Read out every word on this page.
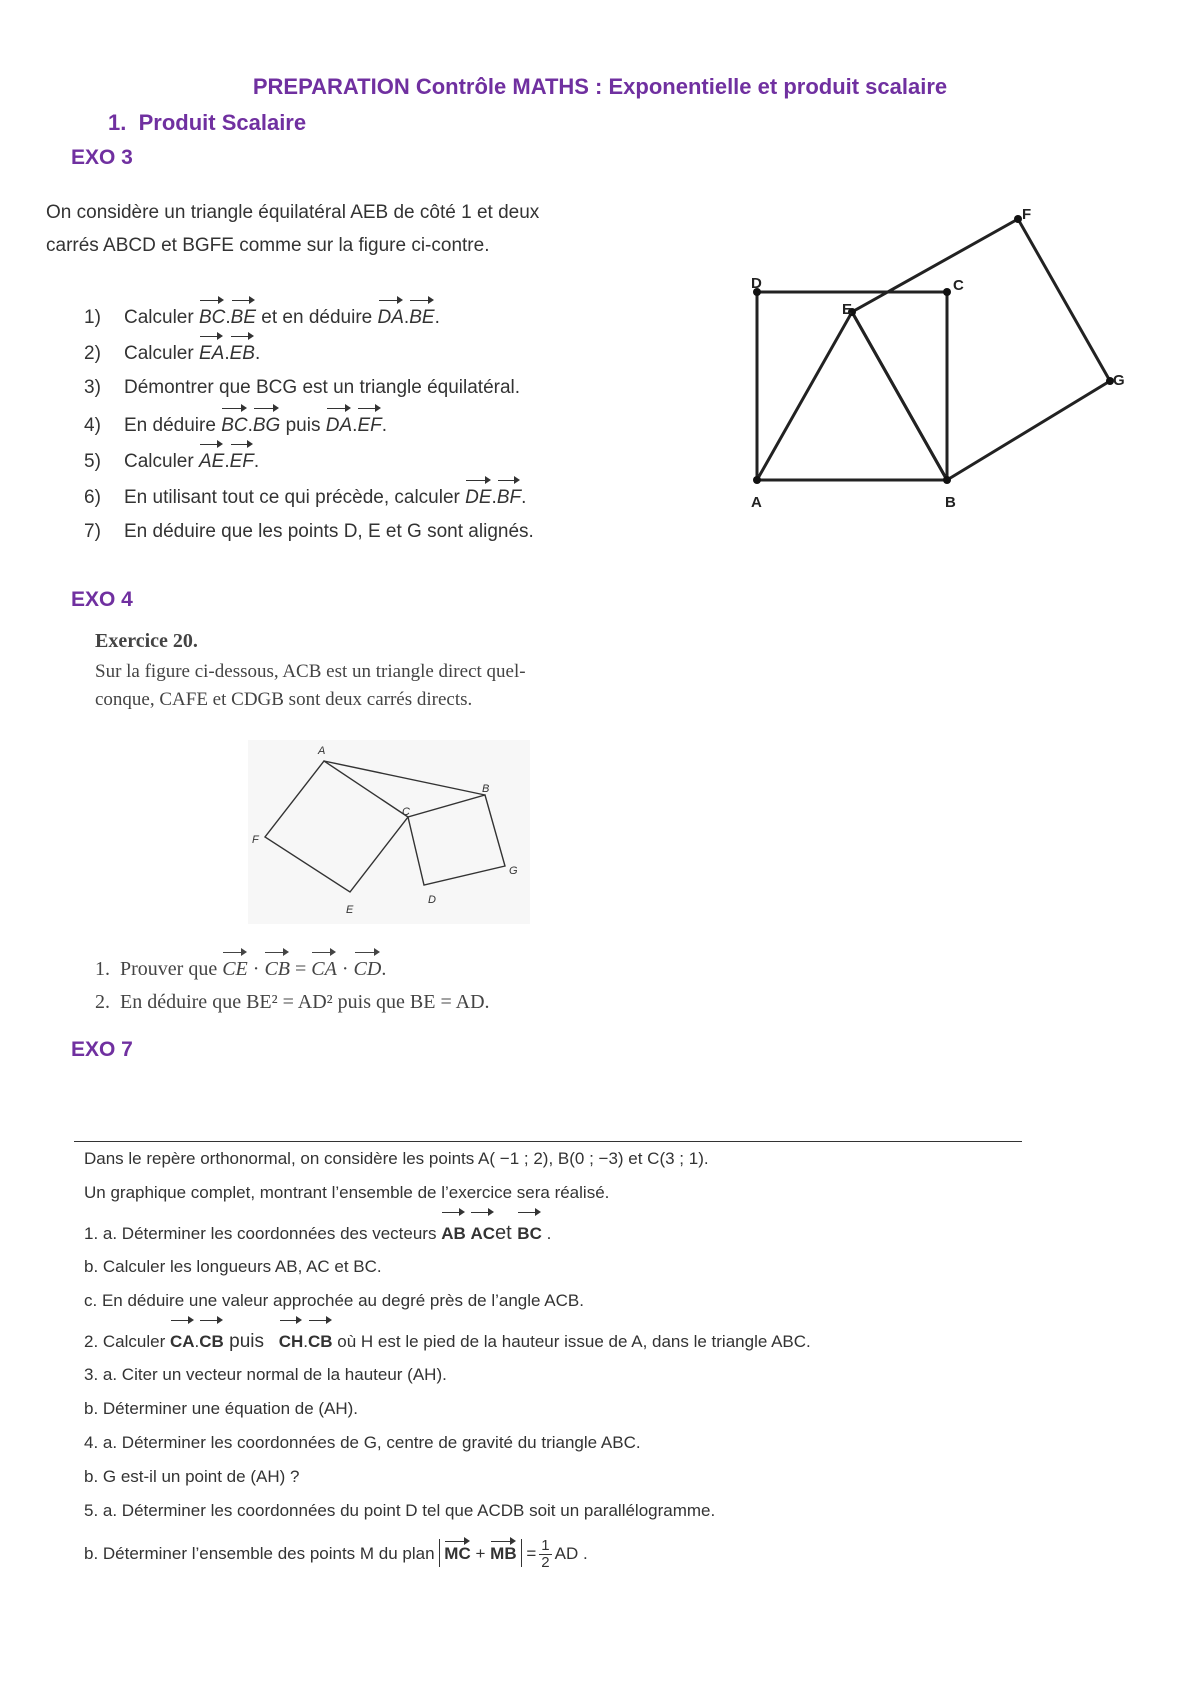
PREPARATION Contrôle MATHS : Exponentielle et produit scalaire
1. Produit Scalaire
EXO 3
On considère un triangle équilatéral AEB de côté 1 et deux
carrés ABCD et BGFE comme sur la figure ci-contre.
1) Calculer BC.BE et en déduire DA.BE.
2) Calculer EA.EB.
3) Démontrer que BCG est un triangle équilatéral.
4) En déduire BC.BG puis DA.EF.
5) Calculer AE.EF.
6) En utilisant tout ce qui précède, calculer DE.BF.
7) En déduire que les points D, E et G sont alignés.
A	B
C
D
E
F
G
EXO 4
Exercice 20.
Sur la figure ci-dessous, ACB est un triangle direct quel-
conque, CAFE et CDGB sont deux carrés directs.
A
B
C
D
E
F
G
1. Prouver que CE · CB = CA · CD.
2. En déduire que BE² = AD² puis que BE = AD.
EXO 7
Dans le repère orthonormal, on considère les points A( −1 ; 2), B(0 ; −3) et C(3 ; 1).
Un graphique complet, montrant l’ensemble de l’exercice sera réalisé.
1. a. Déterminer les coordonnées des vecteurs AB ACet BC .
b. Calculer les longueurs AB, AC et BC.
c. En déduire une valeur approchée au degré près de l’angle ACB.
2. Calculer CA.CB puis   CH.CB où H est le pied de la hauteur issue de A, dans le triangle ABC.
3. a. Citer un vecteur normal de la hauteur (AH).
b. Déterminer une équation de (AH).
4. a. Déterminer les coordonnées de G, centre de gravité du triangle ABC.
b. G est-il un point de (AH) ?
5. a. Déterminer les coordonnées du point D tel que ACDB soit un parallélogramme.
b. Déterminer l’ensemble des points M du plan MC + MB = $\frac{1}{2}$ AD .
